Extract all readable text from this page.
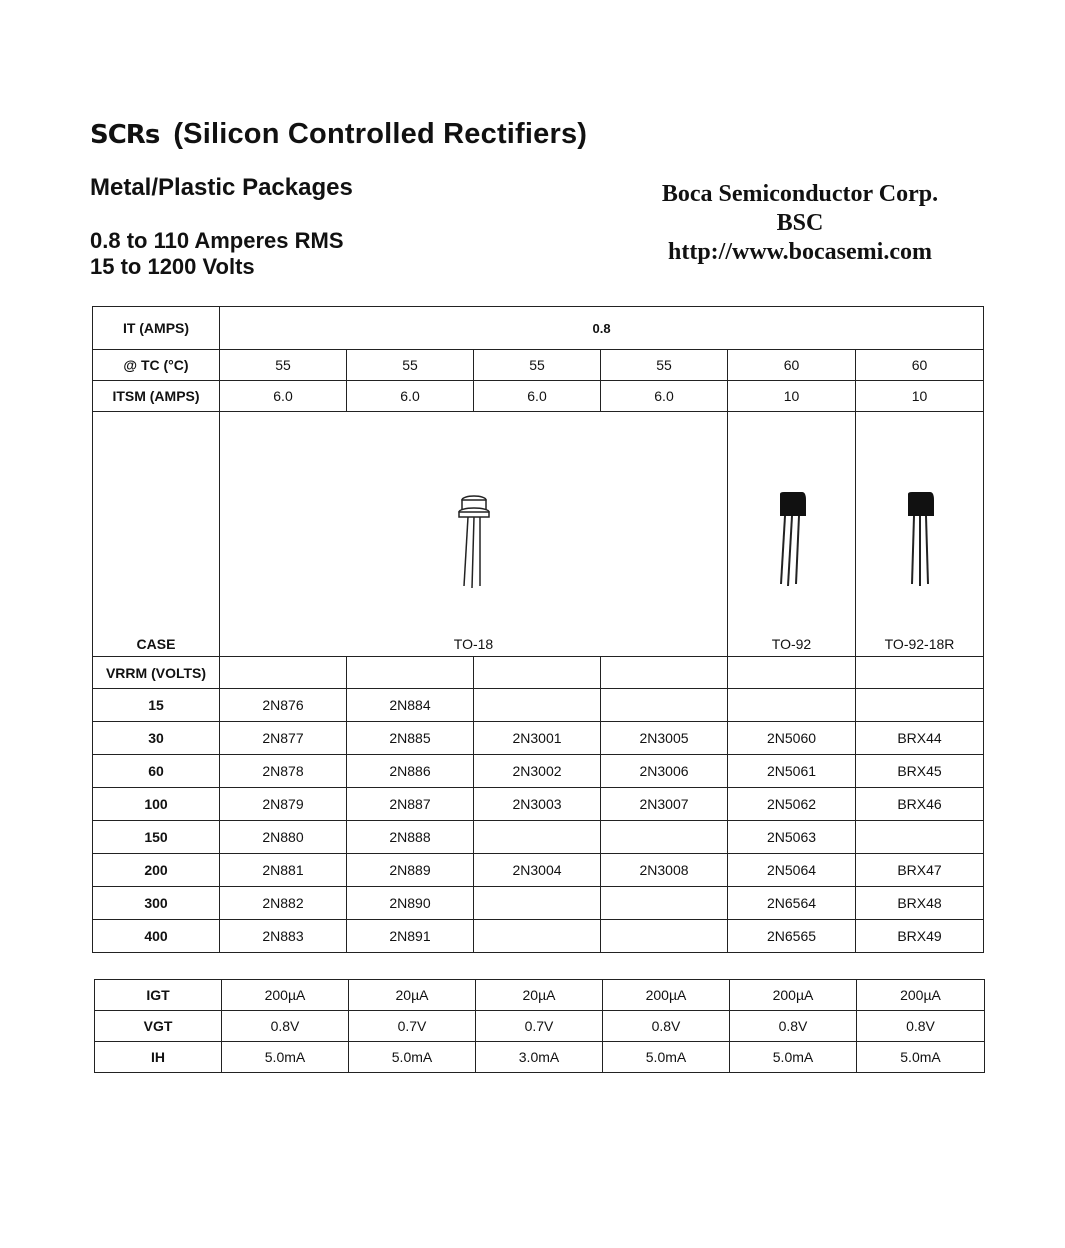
SCRs (Silicon Controlled Rectifiers)
Metal/Plastic Packages
0.8 to 110 Amperes RMS
15 to 1200 Volts
Boca Semiconductor Corp.
BSC
http://www.bocasemi.com
IT (AMPS)	0.8					
@ TC (°C)	55	55	55	55	60	60
ITSM (AMPS)	6.0	6.0	6.0	6.0	10	10
CASE	TO-18				TO-92	TO-92-18R
VRRM (VOLTS)						
15	2N876	2N884				
30	2N877	2N885	2N3001	2N3005	2N5060	BRX44
60	2N878	2N886	2N3002	2N3006	2N5061	BRX45
100	2N879	2N887	2N3003	2N3007	2N5062	BRX46
150	2N880	2N888			2N5063	
200	2N881	2N889	2N3004	2N3008	2N5064	BRX47
300	2N882	2N890			2N6564	BRX48
400	2N883	2N891			2N6565	BRX49
IGT	200µA	20µA	20µA	200µA	200µA	200µA
VGT	0.8V	0.7V	0.7V	0.8V	0.8V	0.8V
IH	5.0mA	5.0mA	3.0mA	5.0mA	5.0mA	5.0mA
